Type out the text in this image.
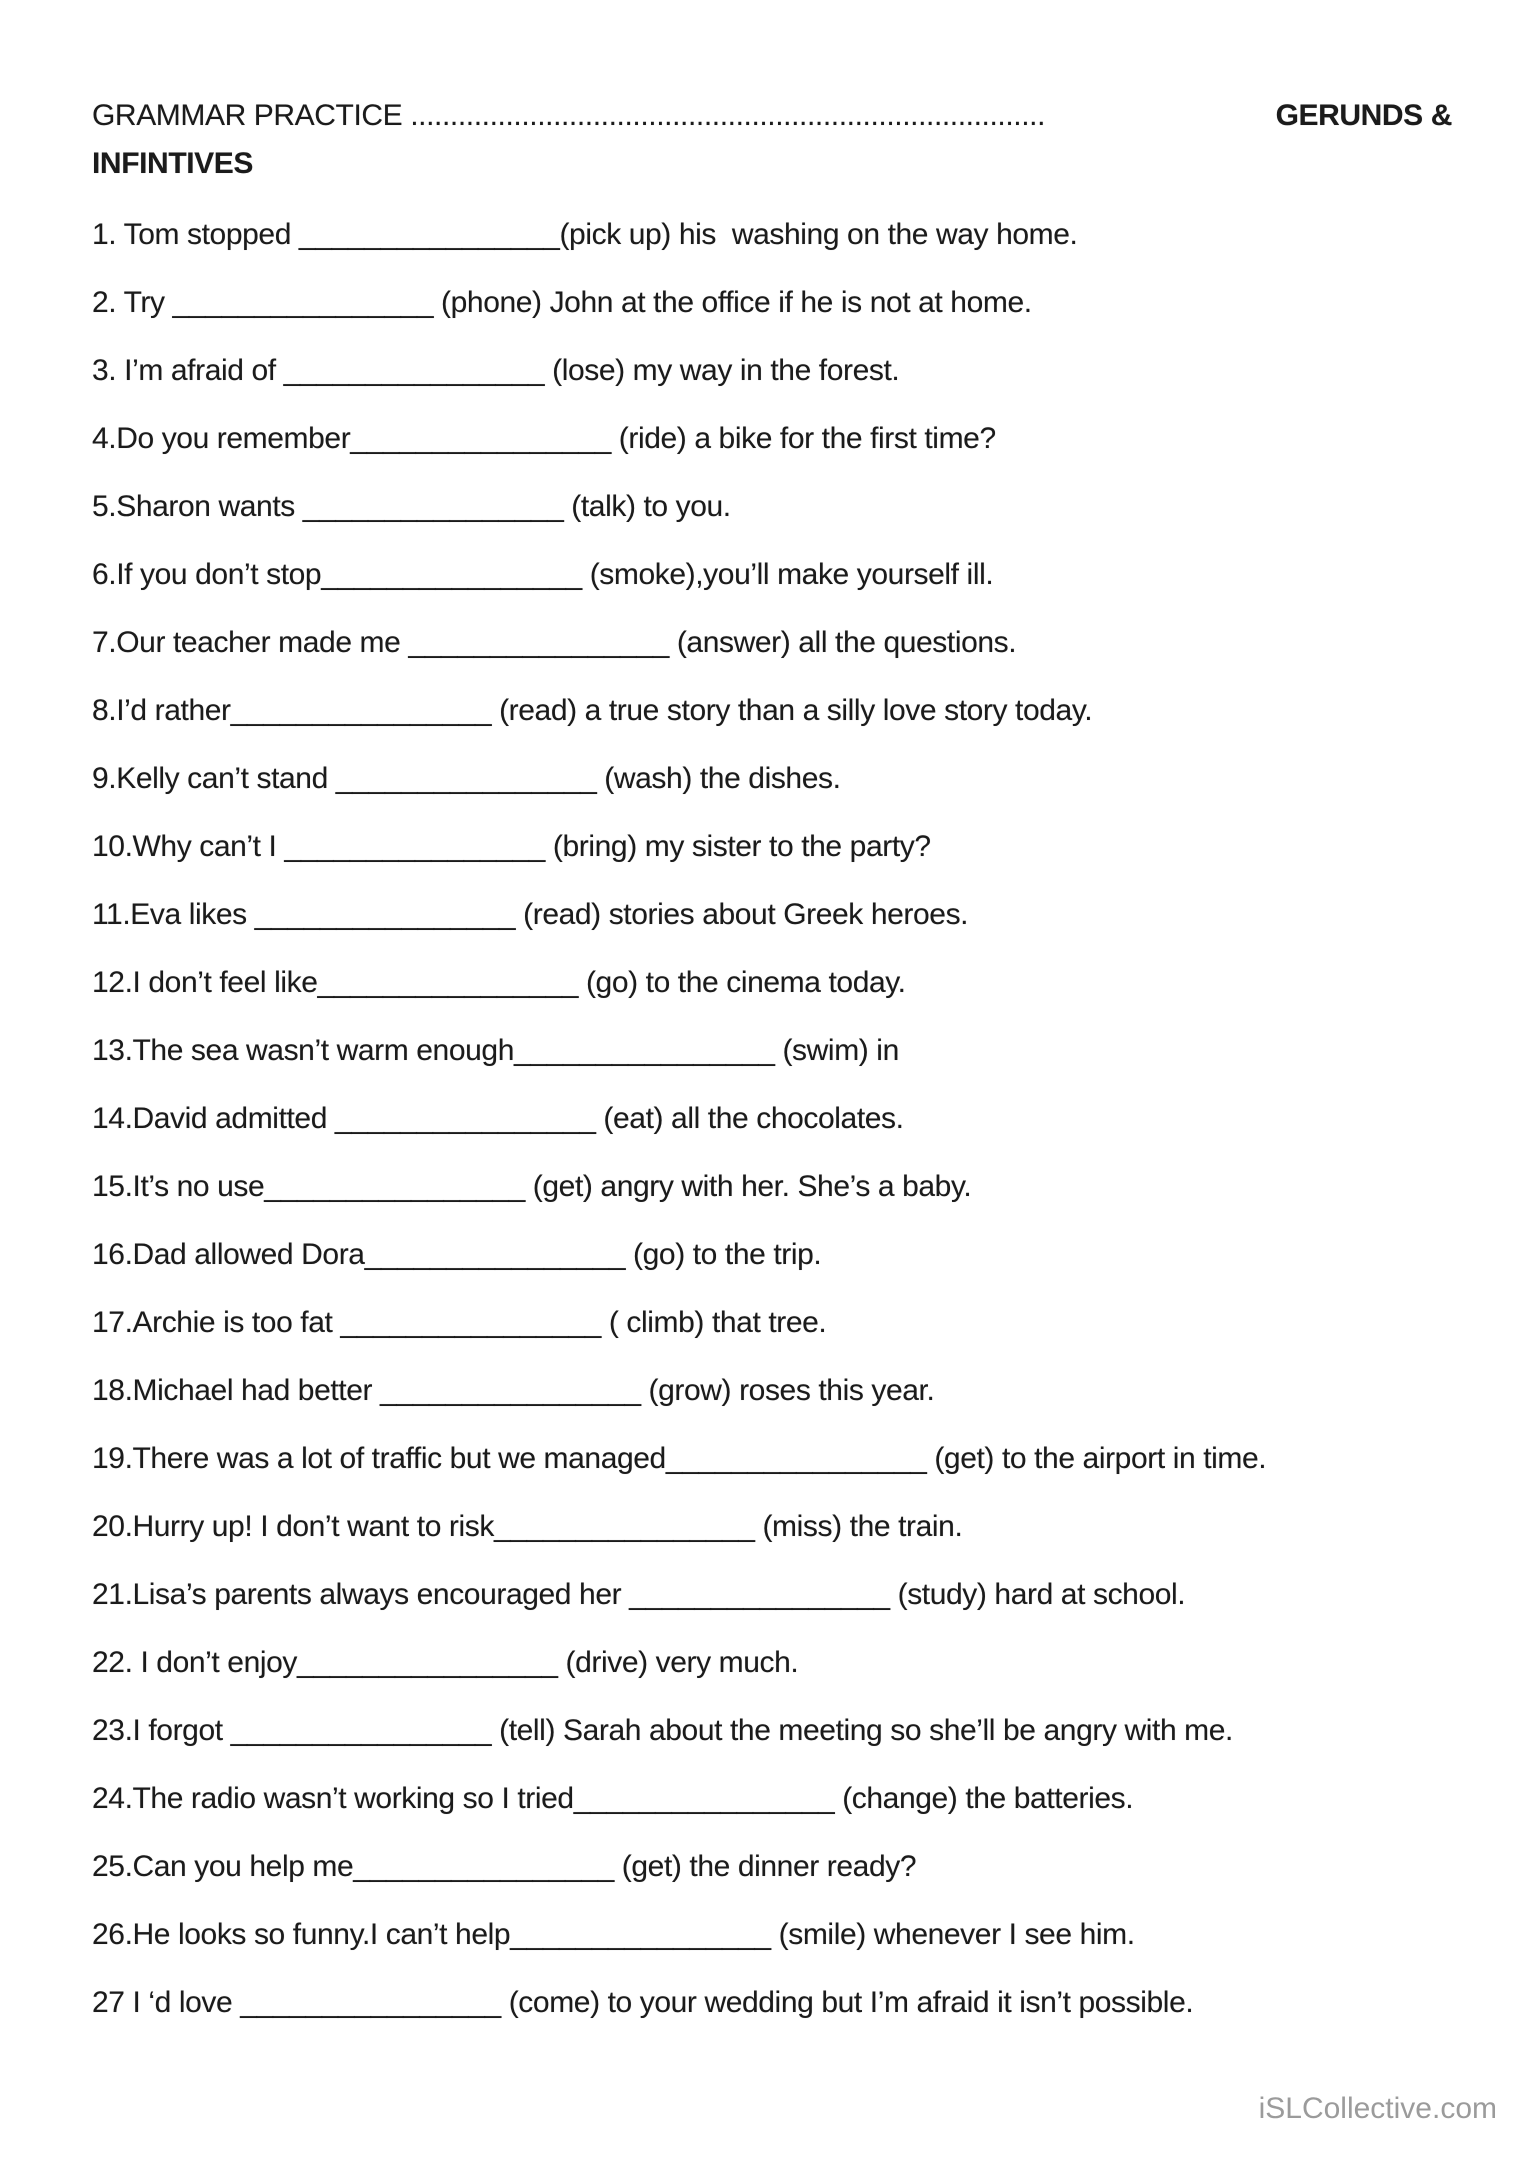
GRAMMAR PRACTICE ................................................................................	GERUNDS &
INFINTIVES

1. Tom stopped ________________(pick up) his  washing on the way home.

2. Try ________________ (phone) John at the office if he is not at home.

3. I’m afraid of ________________ (lose) my way in the forest.

4.Do you remember________________ (ride) a bike for the first time?

5.Sharon wants ________________ (talk) to you.

6.If you don’t stop________________ (smoke),you’ll make yourself ill.

7.Our teacher made me ________________ (answer) all the questions.

8.I’d rather________________ (read) a true story than a silly love story today.

9.Kelly can’t stand ________________ (wash) the dishes.

10.Why can’t I ________________ (bring) my sister to the party?

11.Eva likes ________________ (read) stories about Greek heroes.

12.I don’t feel like________________ (go) to the cinema today.

13.The sea wasn’t warm enough________________ (swim) in

14.David admitted ________________ (eat) all the chocolates.

15.It’s no use________________ (get) angry with her. She’s a baby.

16.Dad allowed Dora________________ (go) to the trip.

17.Archie is too fat ________________ ( climb) that tree.

18.Michael had better ________________ (grow) roses this year.

19.There was a lot of traffic but we managed________________ (get) to the airport in time.

20.Hurry up! I don’t want to risk________________ (miss) the train.

21.Lisa’s parents always encouraged her ________________ (study) hard at school.

22. I don’t enjoy________________ (drive) very much.

23.I forgot ________________ (tell) Sarah about the meeting so she’ll be angry with me.

24.The radio wasn’t working so I tried________________ (change) the batteries.

25.Can you help me________________ (get) the dinner ready?

26.He looks so funny.I can’t help________________ (smile) whenever I see him.

27 I ‘d love ________________ (come) to your wedding but I’m afraid it isn’t possible.

iSLCollective.com
